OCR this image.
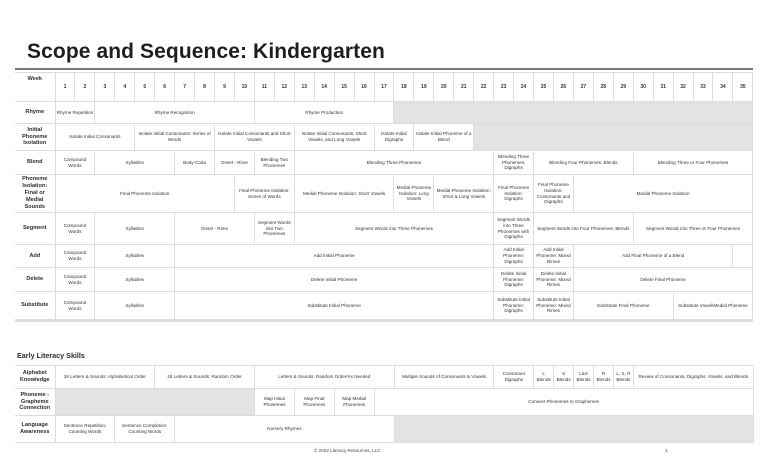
Scope and Sequence: Kindergarten
Week	1	2	3	4	5	6	7	8	9	10	11	12	13	14	15	16	17	18	19	20	21	22	23	24	25	26	27	28	29	30	31	32	33	34	35
Rhyme	Rhyme Repetition		Rhyme Recognition								Rhyme Production																								
Initial Phoneme Isolation	Isolate Initial Consonants				Isolate Initial Consonants: Series of Words				Isolate Initial Consonants and Short Vowels				Isolate Initial Consonants, Short Vowels, and Long Vowels				Isolate Initial Digraphs		Isolate Initial Phoneme of a Blend																
Blend	Compound Words		Syllables				Body-Coda		Onset - Rime		Blending Two Phonemes		Blending Three Phonemes										Blending Three Phonemes: Digraphs		Blending Four Phonemes: Blends					Blending Three or Four Phonemes					
Phoneme Isolation: Final or Medial Sounds	Final Phoneme Isolation									Final Phoneme Isolation: Series of Words			Medial Phoneme Isolation: Short Vowels					Medial Phoneme Isolation: Long Vowels		Medial Phoneme Isolation: Short & Long Vowels			Final Phoneme Isolation: Digraphs		Final Phoneme Isolation: Consonants and Digraphs		Medial Phoneme Isolation								
Segment	Compound Words		Syllables				Onset - Rime				Segment Words into Two Phonemes		Segment Words into Three Phonemes										Segment Words into Three Phonemes with Digraphs		Segment Words into Four Phonemes: Blends					Segment Words into Three or Four Phonemes					
Add	Compound Words		Syllables				Add Initial Phoneme																Add Initial Phoneme: Digraphs		Add Initial Phoneme: Mixed Rimes		Add Final Phoneme of a Blend								
Delete	Compound Words		Syllables				Delete Initial Phoneme																Delete Initial Phoneme: Digraphs		Delete Initial Phoneme: Mixed Rimes		Delete Final Phoneme								
Substitute	Compound Words		Syllables				Substitute Initial Phoneme																Substitute Initial Phoneme: Digraphs		Substitute Initial Phoneme: Mixed Rimes		Substitute Final Phoneme					Substitute Vowel/Medial Phoneme			
Early Literacy Skills
Alphabet Knowledge	26 Letters & Sounds: Alphabetical Order		26 Letters & Sounds: Random Order		Letters & Sounds: Random Order/As Needed				Multiple Sounds of Consonants & Vowels	Consonant Digraphs	L Blends	S Blends	L&S Blends	R Blends	L, S, R Blends	Review of Consonants, Digraphs, Vowels, and Blends
Phoneme - Grapheme Connection					Map Initial Phonemes	Map Final Phonemes	Map Medial Phonemes	Connect Phonemes to Graphemes								
Language Awareness	Sentence Repetition: Counting Words	Sentence Completion: Counting Words		Nursery Rhymes												
© 2022 Literacy Resources, LLC	1
